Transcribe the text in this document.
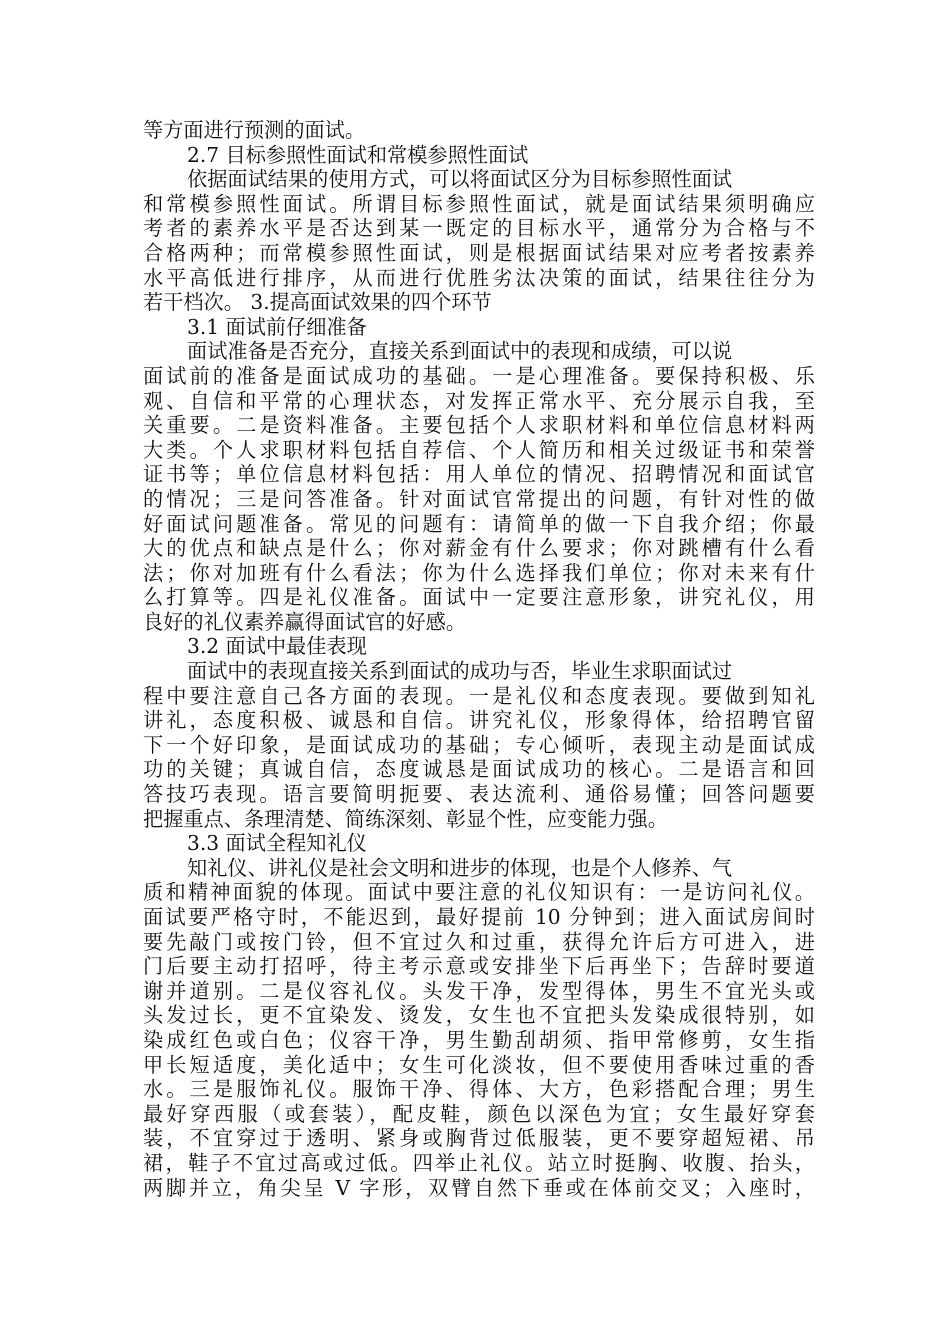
等方面进行预测的面试。
2.7 目标参照性面试和常模参照性面试
依据面试结果的使用方式，可以将面试区分为目标参照性面试
和常模参照性面试。所谓目标参照性面试，就是面试结果须明确应
考者的素养水平是否达到某一既定的目标水平，通常分为合格与不
合格两种；而常模参照性面试，则是根据面试结果对应考者按素养
水平高低进行排序，从而进行优胜劣汰决策的面试，结果往往分为
若干档次。 3.提高面试效果的四个环节
3.1 面试前仔细准备
面试准备是否充分，直接关系到面试中的表现和成绩，可以说
面试前的准备是面试成功的基础。一是心理准备。要保持积极、乐
观、自信和平常的心理状态，对发挥正常水平、充分展示自我，至
关重要。二是资料准备。主要包括个人求职材料和单位信息材料两
大类。个人求职材料包括自荐信、个人简历和相关过级证书和荣誉
证书等；单位信息材料包括：用人单位的情况、招聘情况和面试官
的情况；三是问答准备。针对面试官常提出的问题，有针对性的做
好面试问题准备。常见的问题有：请简单的做一下自我介绍；你最
大的优点和缺点是什么；你对薪金有什么要求；你对跳槽有什么看
法；你对加班有什么看法；你为什么选择我们单位；你对未来有什
么打算等。四是礼仪准备。面试中一定要注意形象，讲究礼仪，用
良好的礼仪素养赢得面试官的好感。
3.2 面试中最佳表现
面试中的表现直接关系到面试的成功与否，毕业生求职面试过
程中要注意自己各方面的表现。一是礼仪和态度表现。要做到知礼
讲礼，态度积极、诚恳和自信。讲究礼仪，形象得体，给招聘官留
下一个好印象，是面试成功的基础；专心倾听，表现主动是面试成
功的关键；真诚自信，态度诚恳是面试成功的核心。二是语言和回
答技巧表现。语言要简明扼要、表达流利、通俗易懂；回答问题要
把握重点、条理清楚、简练深刻、彰显个性，应变能力强。
3.3 面试全程知礼仪
知礼仪、讲礼仪是社会文明和进步的体现，也是个人修养、气
质和精神面貌的体现。面试中要注意的礼仪知识有：一是访问礼仪。
面试要严格守时，不能迟到，最好提前 10 分钟到；进入面试房间时
要先敲门或按门铃，但不宜过久和过重，获得允许后方可进入，进
门后要主动打招呼，待主考示意或安排坐下后再坐下；告辞时要道
谢并道别。二是仪容礼仪。头发干净，发型得体，男生不宜光头或
头发过长，更不宜染发、烫发，女生也不宜把头发染成很特别，如
染成红色或白色；仪容干净，男生勤刮胡须、指甲常修剪，女生指
甲长短适度，美化适中；女生可化淡妆，但不要使用香味过重的香
水。三是服饰礼仪。服饰干净、得体、大方，色彩搭配合理；男生
最好穿西服（或套装），配皮鞋，颜色以深色为宜；女生最好穿套
装，不宜穿过于透明、紧身或胸背过低服装，更不要穿超短裙、吊
裙，鞋子不宜过高或过低。四举止礼仪。站立时挺胸、收腹、抬头，
两脚并立，角尖呈 V 字形，双臂自然下垂或在体前交叉；入座时，
